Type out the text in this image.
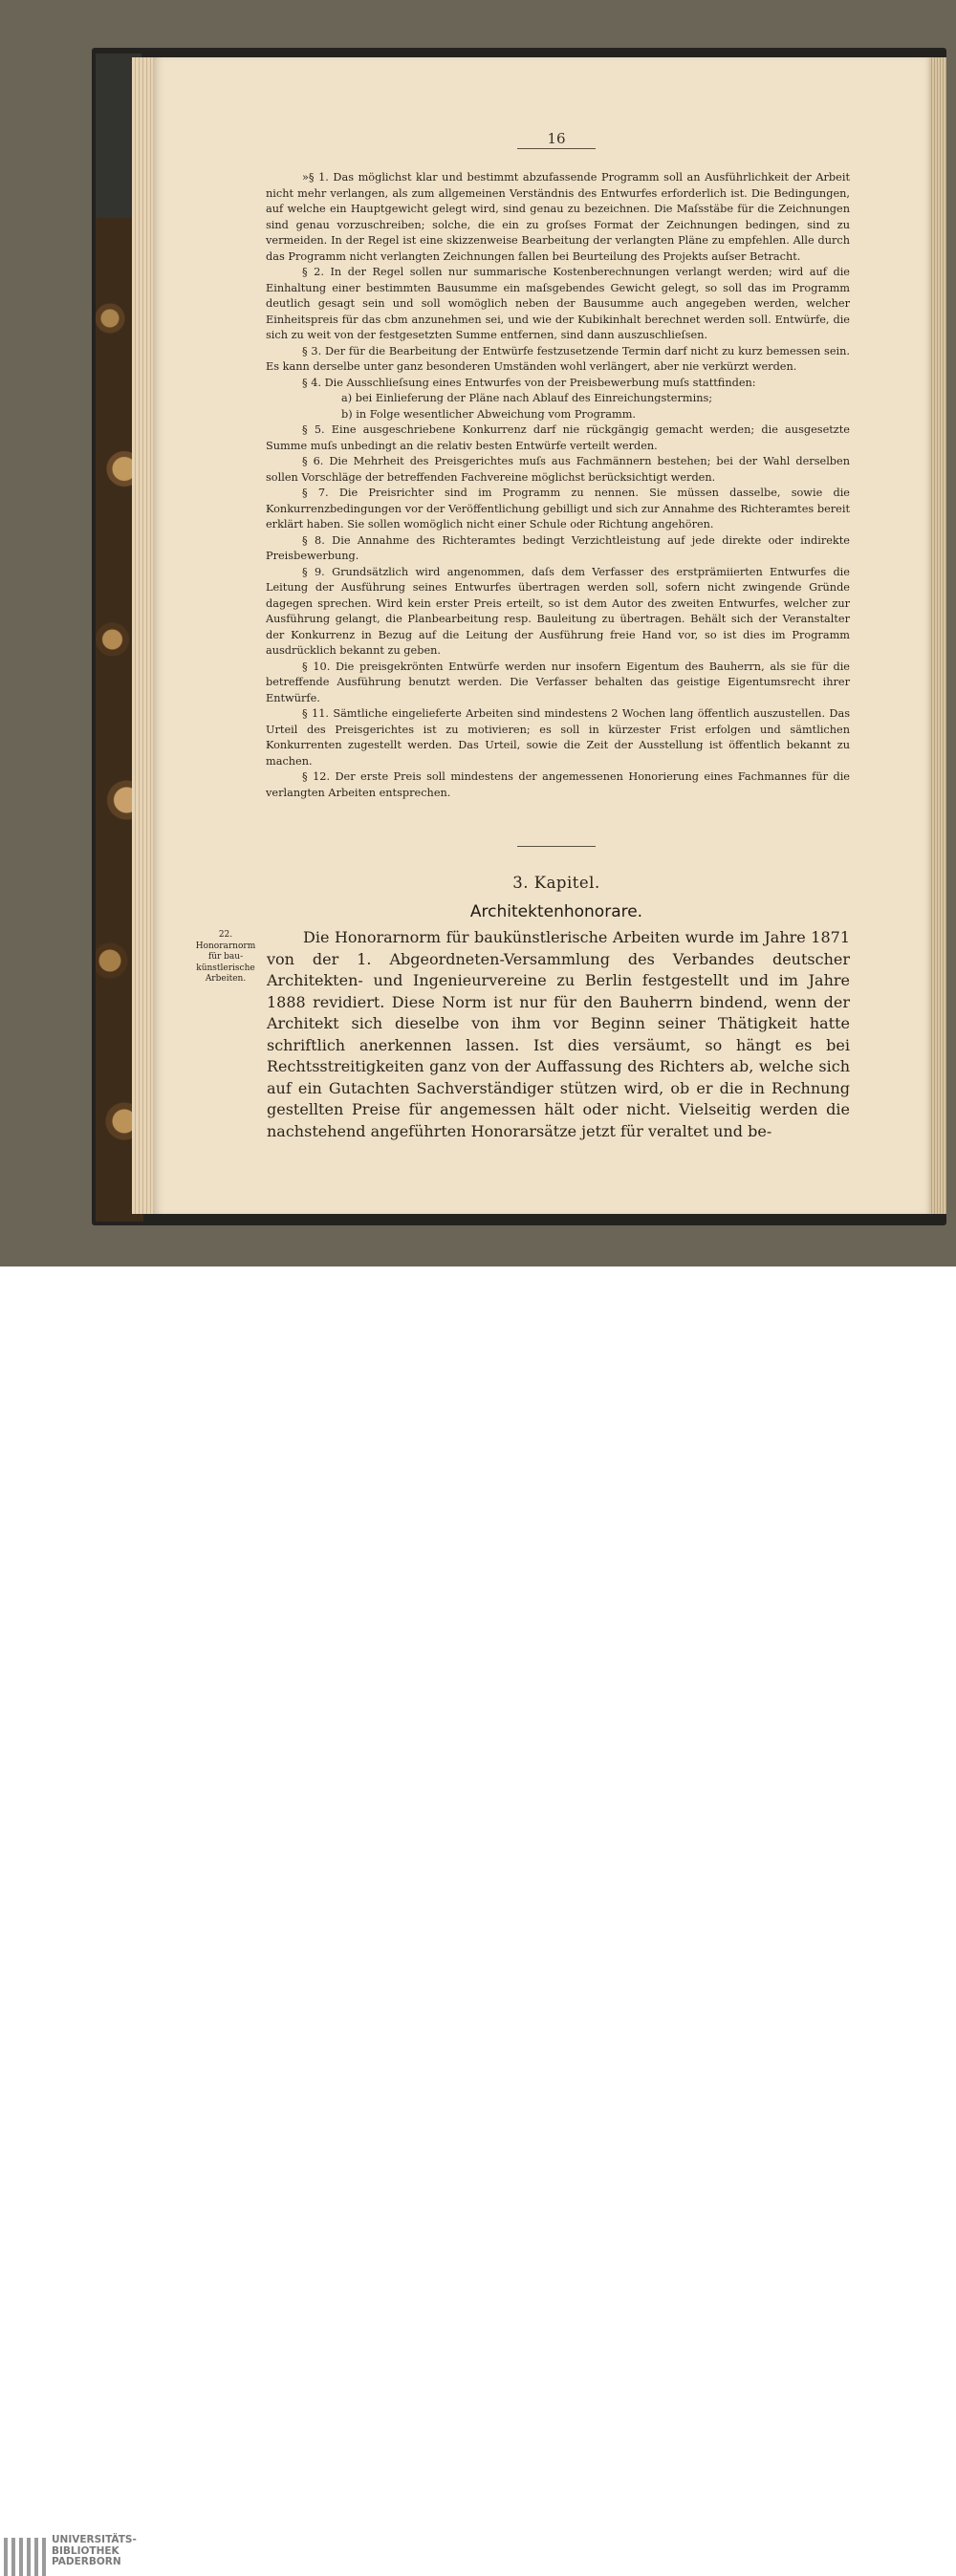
16

»§ 1. Das möglichst klar und bestimmt abzufassende Programm soll an Ausführlichkeit der Arbeit nicht mehr verlangen, als zum allgemeinen Verständnis des Entwurfes erforderlich ist. Die Bedingungen, auf welche ein Hauptgewicht gelegt wird, sind genau zu bezeichnen. Die Maſsstäbe für die Zeichnungen sind genau vorzuschreiben; solche, die ein zu groſses Format der Zeichnungen bedingen, sind zu vermeiden. In der Regel ist eine skizzenweise Bearbeitung der verlangten Pläne zu empfehlen. Alle durch das Programm nicht verlangten Zeichnungen fallen bei Beurteilung des Projekts auſser Betracht.

§ 2. In der Regel sollen nur summarische Kostenberechnungen verlangt werden; wird auf die Einhaltung einer bestimmten Bausumme ein maſsgebendes Gewicht gelegt, so soll das im Programm deutlich gesagt sein und soll womöglich neben der Bausumme auch angegeben werden, welcher Einheitspreis für das cbm anzunehmen sei, und wie der Kubikinhalt berechnet werden soll. Entwürfe, die sich zu weit von der festgesetzten Summe entfernen, sind dann auszuschlieſsen.

§ 3. Der für die Bearbeitung der Entwürfe festzusetzende Termin darf nicht zu kurz bemessen sein. Es kann derselbe unter ganz besonderen Umständen wohl verlängert, aber nie verkürzt werden.

§ 4. Die Ausschlieſsung eines Entwurfes von der Preisbewerbung muſs stattfinden:

a) bei Einlieferung der Pläne nach Ablauf des Einreichungstermins;

b) in Folge wesentlicher Abweichung vom Programm.

§ 5. Eine ausgeschriebene Konkurrenz darf nie rückgängig gemacht werden; die ausgesetzte Summe muſs unbedingt an die relativ besten Entwürfe verteilt werden.

§ 6. Die Mehrheit des Preisgerichtes muſs aus Fachmännern bestehen; bei der Wahl derselben sollen Vorschläge der betreffenden Fachvereine möglichst berücksichtigt werden.

§ 7. Die Preisrichter sind im Programm zu nennen. Sie müssen dasselbe, sowie die Konkurrenzbedingungen vor der Veröffentlichung gebilligt und sich zur Annahme des Richteramtes bereit erklärt haben. Sie sollen womöglich nicht einer Schule oder Richtung angehören.

§ 8. Die Annahme des Richteramtes bedingt Verzichtleistung auf jede direkte oder indirekte Preisbewerbung.

§ 9. Grundsätzlich wird angenommen, daſs dem Verfasser des erstprämiierten Entwurfes die Leitung der Ausführung seines Entwurfes übertragen werden soll, sofern nicht zwingende Gründe dagegen sprechen. Wird kein erster Preis erteilt, so ist dem Autor des zweiten Entwurfes, welcher zur Ausführung gelangt, die Planbearbeitung resp. Bauleitung zu übertragen. Behält sich der Veranstalter der Konkurrenz in Bezug auf die Leitung der Ausführung freie Hand vor, so ist dies im Programm ausdrücklich bekannt zu geben.

§ 10. Die preisgekrönten Entwürfe werden nur insofern Eigentum des Bauherrn, als sie für die betreffende Ausführung benutzt werden. Die Verfasser behalten das geistige Eigentumsrecht ihrer Entwürfe.

§ 11. Sämtliche eingelieferte Arbeiten sind mindestens 2 Wochen lang öffentlich auszustellen. Das Urteil des Preisgerichtes ist zu motivieren; es soll in kürzester Frist erfolgen und sämtlichen Konkurrenten zugestellt werden. Das Urteil, sowie die Zeit der Ausstellung ist öffentlich bekannt zu machen.

§ 12. Der erste Preis soll mindestens der angemessenen Honorierung eines Fachmannes für die verlangten Arbeiten entsprechen.

3. Kapitel.
Architektenhonorare.
22.
Honorarnorm
für bau-
künstlerische
Arbeiten.

Die Honorarnorm für baukünstlerische Arbeiten wurde im Jahre 1871 von der 1. Abgeordneten-Versammlung des Verbandes deutscher Architekten- und Ingenieurvereine zu Berlin festgestellt und im Jahre 1888 revidiert. Diese Norm ist nur für den Bauherrn bindend, wenn der Architekt sich dieselbe von ihm vor Beginn seiner Thätigkeit hatte schriftlich anerkennen lassen. Ist dies versäumt, so hängt es bei Rechtsstreitigkeiten ganz von der Auffassung des Richters ab, welche sich auf ein Gutachten Sachverständiger stützen wird, ob er die in Rechnung gestellten Preise für angemessen hält oder nicht. Vielseitig werden die nachstehend angeführten Honorarsätze jetzt für veraltet und be-

UNIVERSITÄTS-
BIBLIOTHEK
PADERBORN
